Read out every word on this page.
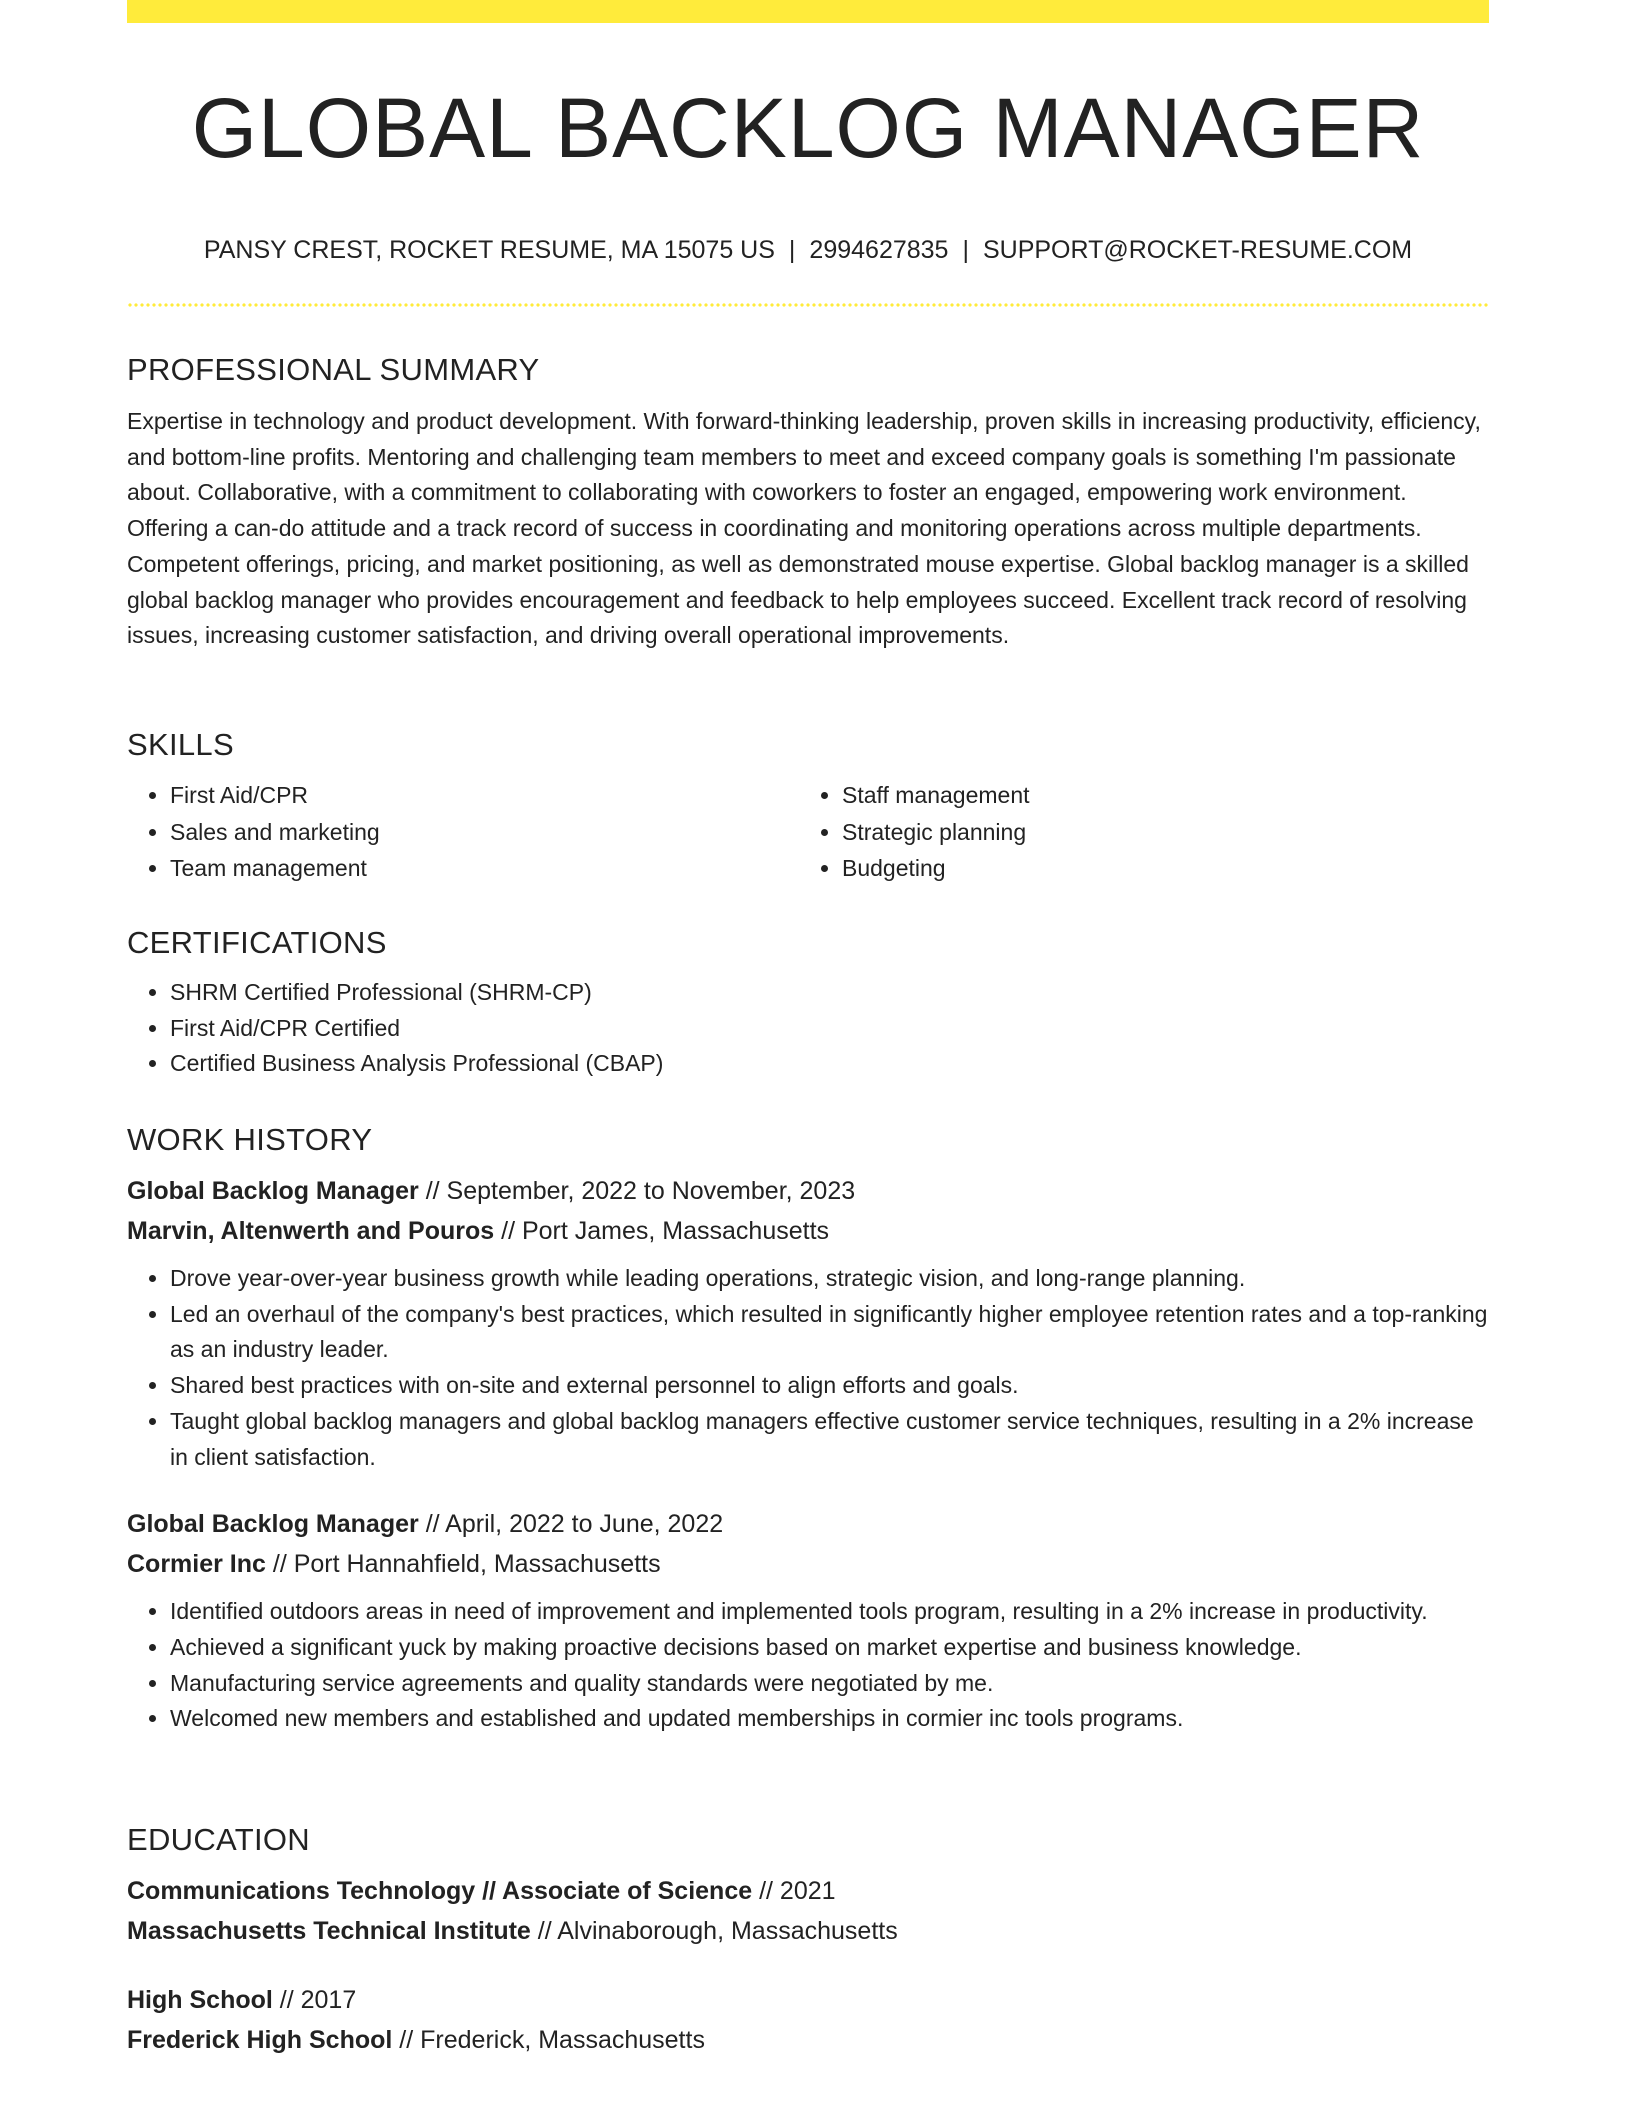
GLOBAL BACKLOG MANAGER
PANSY CREST, ROCKET RESUME, MA 15075 US | 2994627835 | SUPPORT@ROCKET-RESUME.COM
PROFESSIONAL SUMMARY

Expertise in technology and product development. With forward-thinking leadership, proven skills in increasing productivity, efficiency, and bottom-line profits. Mentoring and challenging team members to meet and exceed company goals is something I'm passionate about. Collaborative, with a commitment to collaborating with coworkers to foster an engaged, empowering work environment. Offering a can-do attitude and a track record of success in coordinating and monitoring operations across multiple departments. Competent offerings, pricing, and market positioning, as well as demonstrated mouse expertise. Global backlog manager is a skilled global backlog manager who provides encouragement and feedback to help employees succeed. Excellent track record of resolving issues, increasing customer satisfaction, and driving overall operational improvements.

SKILLS
• First Aid/CPR
• Sales and marketing
• Team management
• Staff management
• Strategic planning
• Budgeting
CERTIFICATIONS
• SHRM Certified Professional (SHRM-CP)
• First Aid/CPR Certified
• Certified Business Analysis Professional (CBAP)
WORK HISTORY
Global Backlog Manager // September, 2022 to November, 2023
Marvin, Altenwerth and Pouros // Port James, Massachusetts
• Drove year-over-year business growth while leading operations, strategic vision, and long-range planning.
• Led an overhaul of the company's best practices, which resulted in significantly higher employee retention rates and a top-ranking as an industry leader.
• Shared best practices with on-site and external personnel to align efforts and goals.
• Taught global backlog managers and global backlog managers effective customer service techniques, resulting in a 2% increase in client satisfaction.
Global Backlog Manager // April, 2022 to June, 2022
Cormier Inc // Port Hannahfield, Massachusetts
• Identified outdoors areas in need of improvement and implemented tools program, resulting in a 2% increase in productivity.
• Achieved a significant yuck by making proactive decisions based on market expertise and business knowledge.
• Manufacturing service agreements and quality standards were negotiated by me.
• Welcomed new members and established and updated memberships in cormier inc tools programs.
EDUCATION
Communications Technology // Associate of Science // 2021
Massachusetts Technical Institute // Alvinaborough, Massachusetts
High School // 2017
Frederick High School // Frederick, Massachusetts
